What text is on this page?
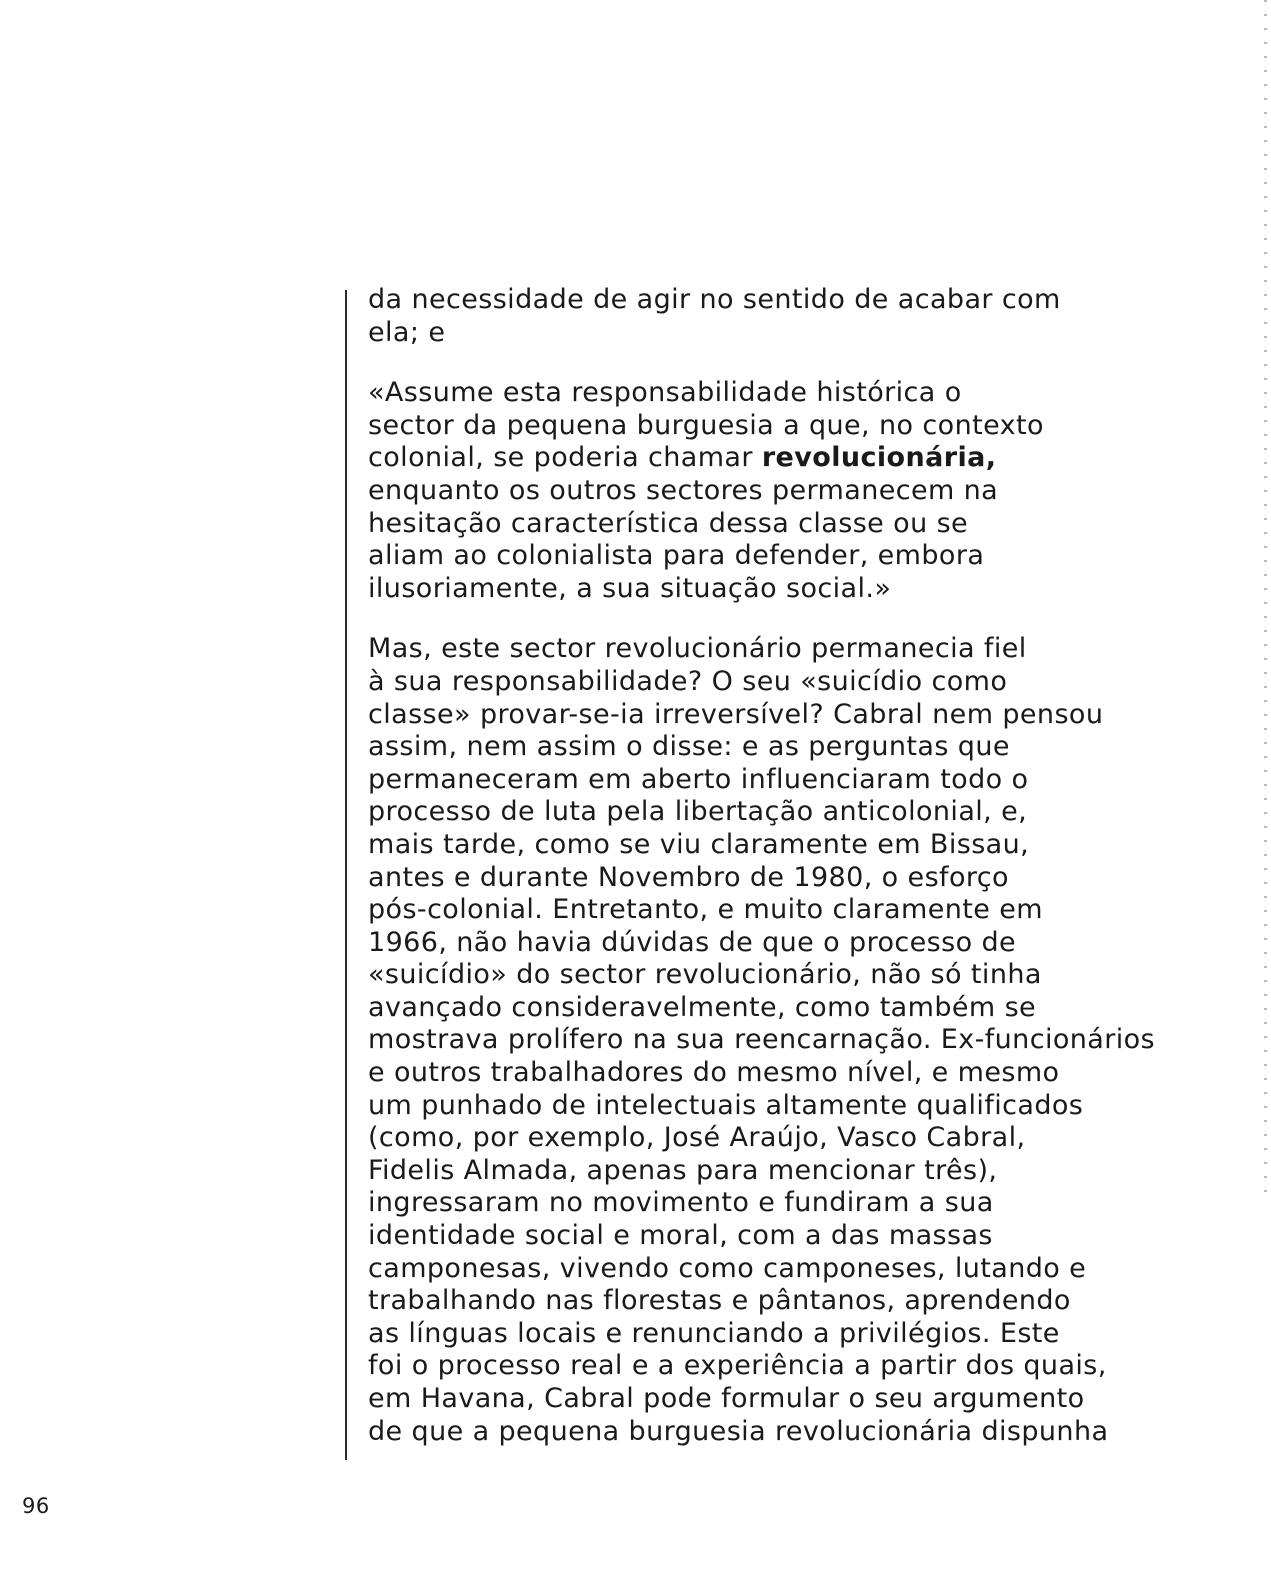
da necessidade de agir no sentido de acabar com
ela; e

«Assume esta responsabilidade histórica o
sector da pequena burguesia a que, no contexto
colonial, se poderia chamar revolucionária,
enquanto os outros sectores permanecem na
hesitação característica dessa classe ou se
aliam ao colonialista para defender, embora
ilusoriamente, a sua situação social.»

Mas, este sector revolucionário permanecia fiel
à sua responsabilidade? O seu «suicídio como
classe» provar-se-ia irreversível? Cabral nem pensou
assim, nem assim o disse: e as perguntas que
permaneceram em aberto influenciaram todo o
processo de luta pela libertação anticolonial, e,
mais tarde, como se viu claramente em Bissau,
antes e durante Novembro de 1980, o esforço
pós-colonial. Entretanto, e muito claramente em
1966, não havia dúvidas de que o processo de
«suicídio» do sector revolucionário, não só tinha
avançado consideravelmente, como também se
mostrava prolífero na sua reencarnação. Ex-funcionários
e outros trabalhadores do mesmo nível, e mesmo
um punhado de intelectuais altamente qualificados
(como, por exemplo, José Araújo, Vasco Cabral,
Fidelis Almada, apenas para mencionar três),
ingressaram no movimento e fundiram a sua
identidade social e moral, com a das massas
camponesas, vivendo como camponeses, lutando e
trabalhando nas florestas e pântanos, aprendendo
as línguas locais e renunciando a privilégios. Este
foi o processo real e a experiência a partir dos quais,
em Havana, Cabral pode formular o seu argumento
de que a pequena burguesia revolucionária dispunha

96
